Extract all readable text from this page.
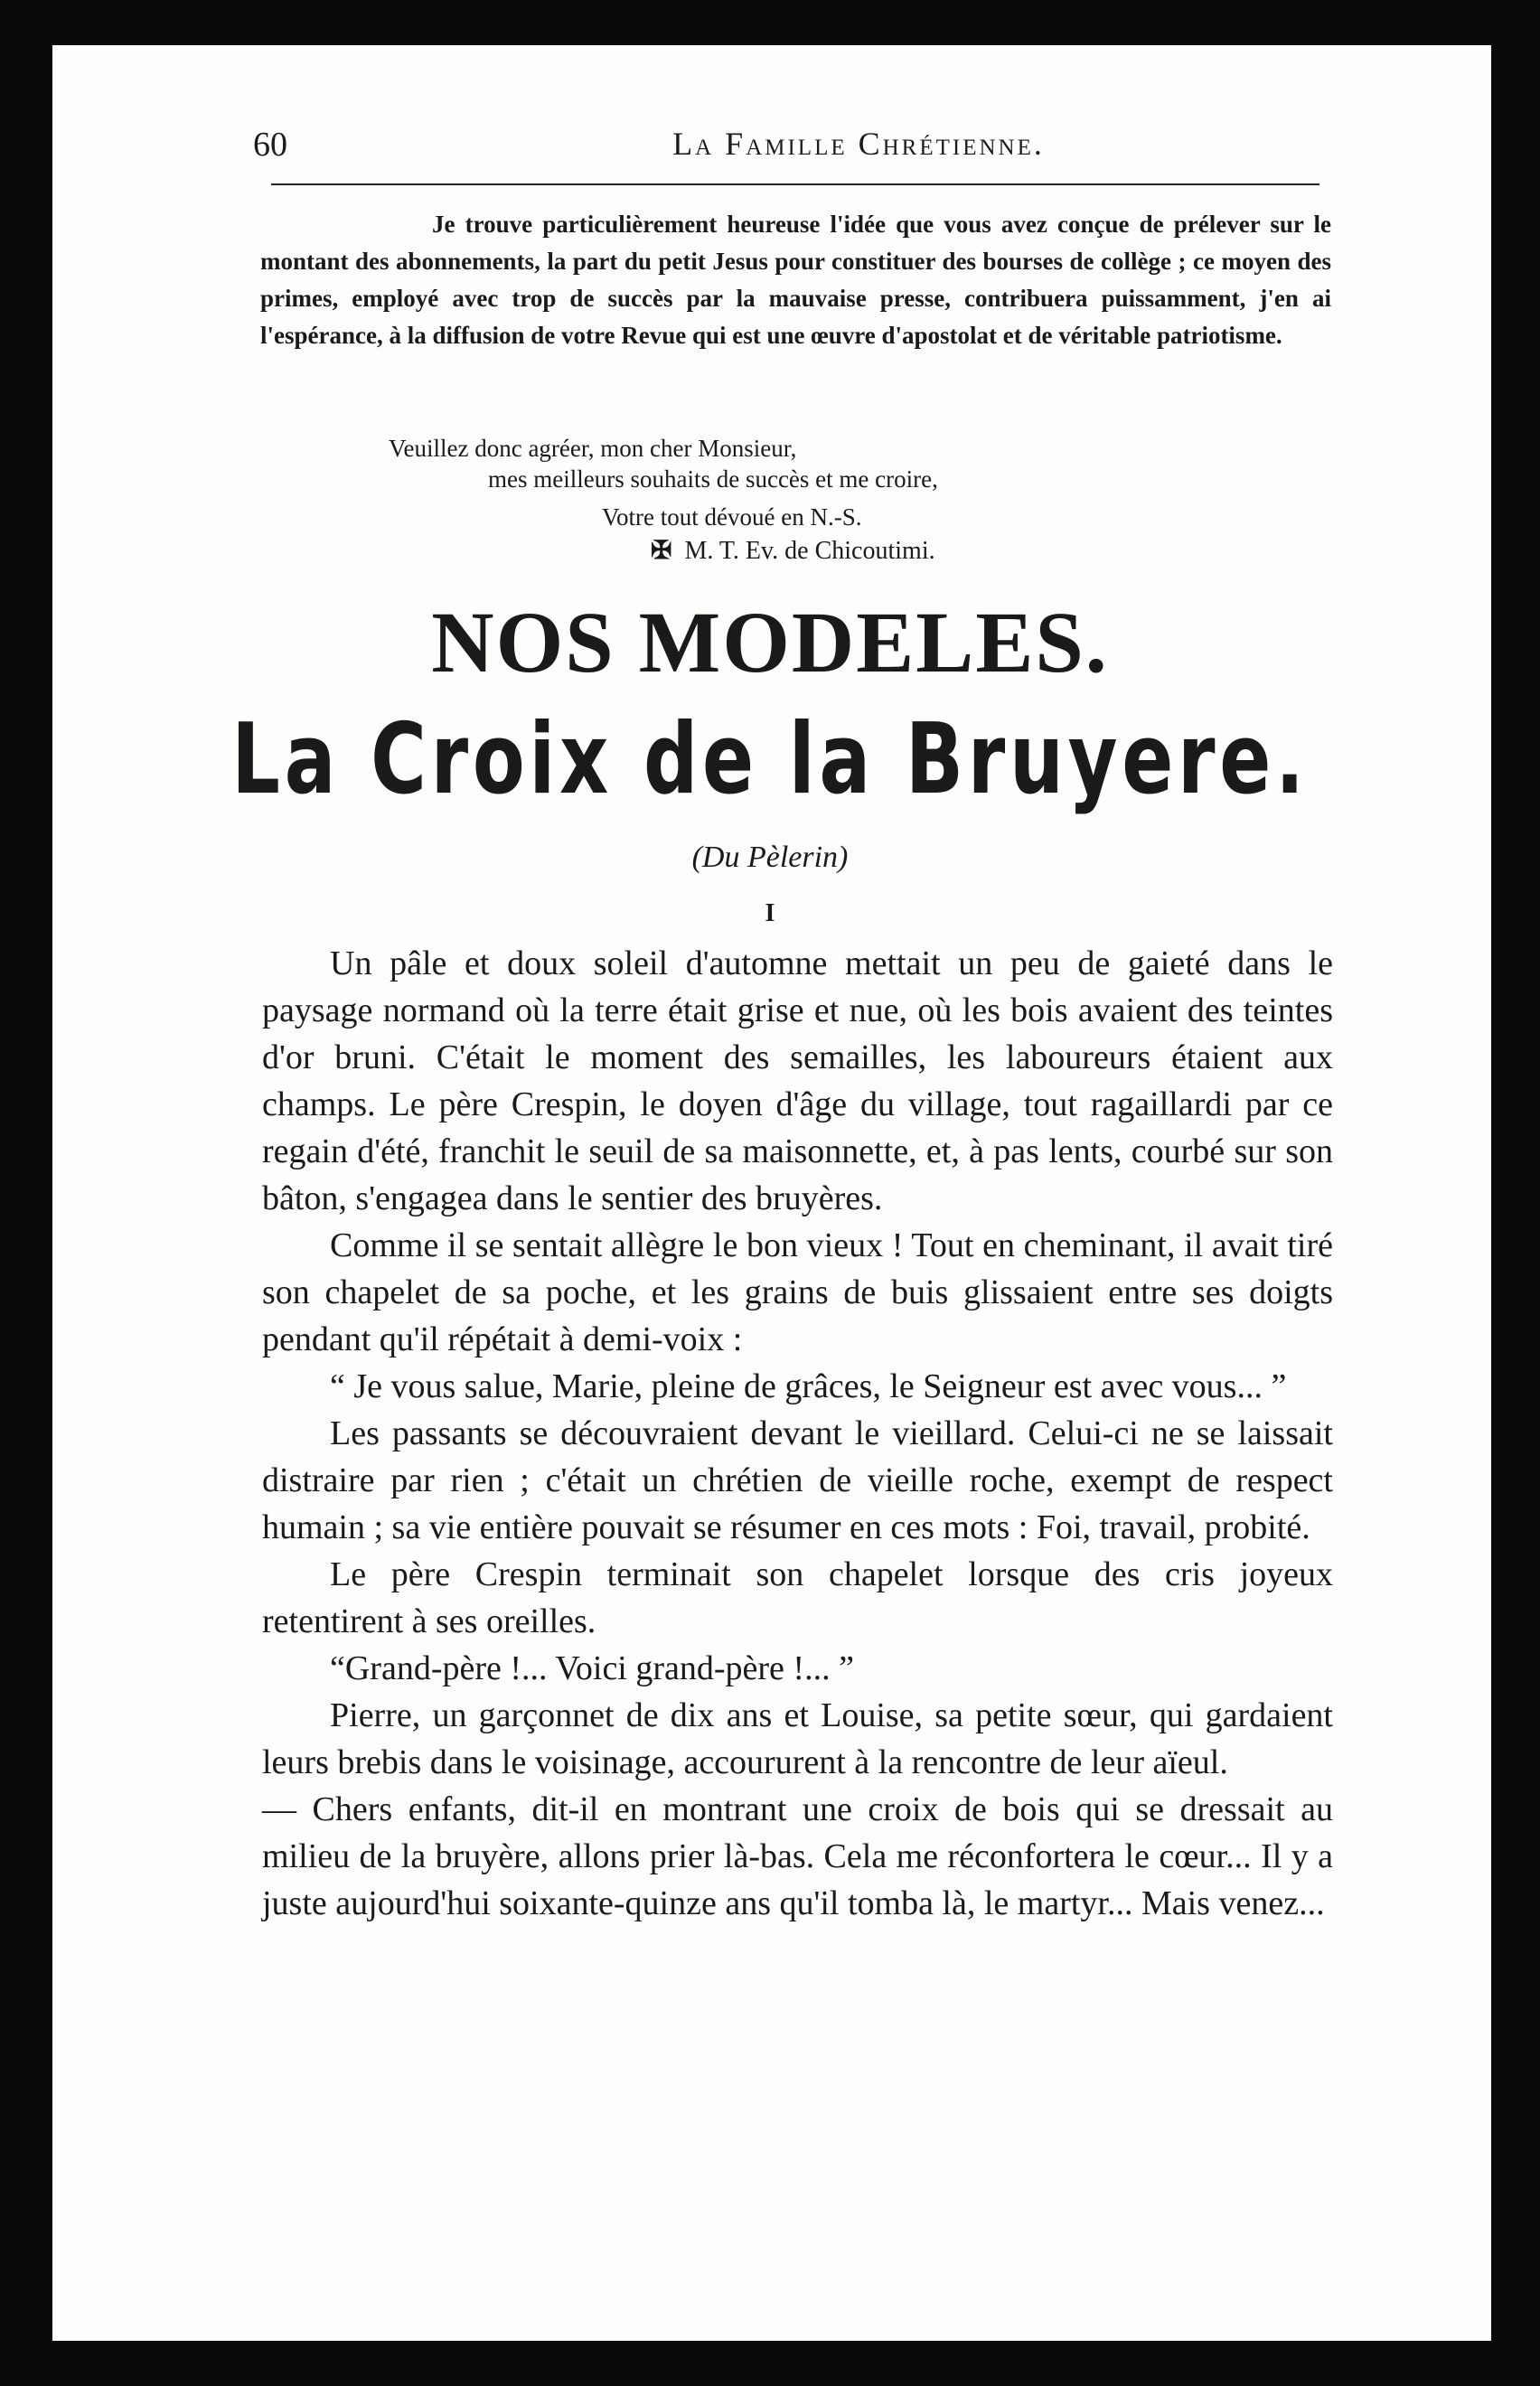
60	La Famille Chrétienne.

Je trouve particulièrement heureuse l'idée que vous avez conçue de prélever sur le montant des abonnements, la part du petit Jesus pour constituer des bourses de collège ; ce moyen des primes, employé avec trop de succès par la mauvaise presse, contribuera puissamment, j'en ai l'espérance, à la diffusion de votre Revue qui est une œuvre d'apostolat et de véritable patriotisme.

Veuillez donc agréer, mon cher Monsieur,
mes meilleurs souhaits de succès et me croire,
Votre tout dévoué en N.-S.
✠ M. T. Ev. de Chicoutimi.
NOS MODELES.
La Croix de la Bruyere.
(Du Pèlerin)
I

Un pâle et doux soleil d'automne mettait un peu de gaieté dans le paysage normand où la terre était grise et nue, où les bois avaient des teintes d'or bruni. C'était le moment des semailles, les laboureurs étaient aux champs. Le père Crespin, le doyen d'âge du village, tout ragaillardi par ce regain d'été, franchit le seuil de sa maisonnette, et, à pas lents, courbé sur son bâton, s'engagea dans le sentier des bruyères.

Comme il se sentait allègre le bon vieux ! Tout en cheminant, il avait tiré son chapelet de sa poche, et les grains de buis glissaient entre ses doigts pendant qu'il répétait à demi-voix :

“ Je vous salue, Marie, pleine de grâces, le Seigneur est avec vous... ”

Les passants se découvraient devant le vieillard. Celui-ci ne se laissait distraire par rien ; c'était un chrétien de vieille roche, exempt de respect humain ; sa vie entière pouvait se résumer en ces mots : Foi, travail, probité.

Le père Crespin terminait son chapelet lorsque des cris joyeux retentirent à ses oreilles.

“Grand-père !... Voici grand-père !... ”

Pierre, un garçonnet de dix ans et Louise, sa petite sœur, qui gardaient leurs brebis dans le voisinage, accoururent à la rencontre de leur aïeul.

— Chers enfants, dit-il en montrant une croix de bois qui se dressait au milieu de la bruyère, allons prier là-bas. Cela me réconfortera le cœur... Il y a juste aujourd'hui soixante-quinze ans qu'il tomba là, le martyr... Mais venez...
